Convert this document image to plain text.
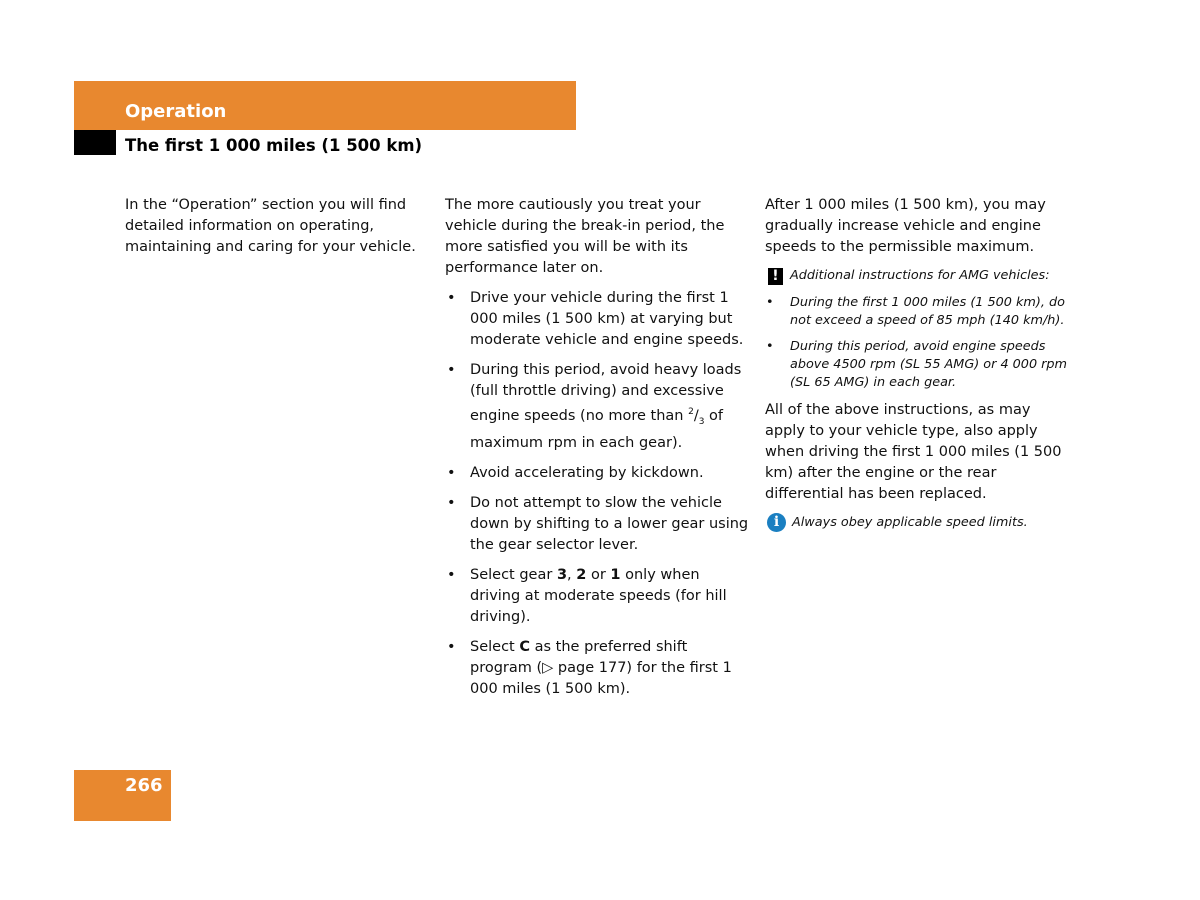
Operation
The first 1 000 miles (1 500 km)

In the “Operation” section you will find detailed information on operating, maintaining and caring for your vehicle.

The more cautiously you treat your vehicle during the break-in period, the more satisfied you will be with its performance later on.

• Drive your vehicle during the first 1 000 miles (1 500 km) at varying but moderate vehicle and engine speeds.
• During this period, avoid heavy loads (full throttle driving) and excessive engine speeds (no more than $^2/_3$ of maximum rpm in each gear).
• Avoid accelerating by kickdown.
• Do not attempt to slow the vehicle down by shifting to a lower gear using the gear selector lever.
• Select gear 3, 2 or 1 only when driving at moderate speeds (for hill driving).
• Select C as the preferred shift program (▷ page 177) for the first 1 000 miles (1 500 km).

After 1 000 miles (1 500 km), you may gradually increase vehicle and engine speeds to the permissible maximum.

! Additional instructions for AMG vehicles:

• During the first 1 000 miles (1 500 km), do not exceed a speed of 85 mph (140 km/h).
• During this period, avoid engine speeds above 4500 rpm (SL 55 AMG) or 4 000 rpm (SL 65 AMG) in each gear.

All of the above instructions, as may apply to your vehicle type, also apply when driving the first 1 000 miles (1 500 km) after the engine or the rear differential has been replaced.

i	Always obey applicable speed limits.

266
